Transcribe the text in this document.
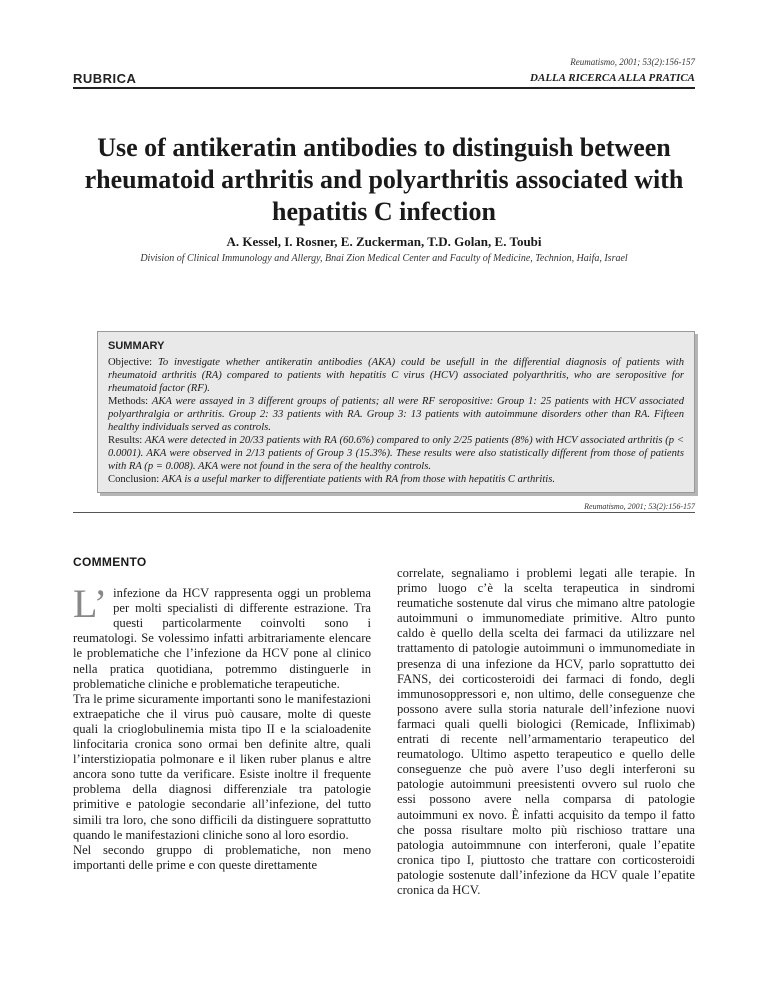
Reumatismo, 2001; 53(2):156-157
RUBRICA	DALLA RICERCA ALLA PRATICA
Use of antikeratin antibodies to distinguish between rheumatoid arthritis and polyarthritis associated with hepatitis C infection
A. Kessel, I. Rosner, E. Zuckerman, T.D. Golan, E. Toubi
Division of Clinical Immunology and Allergy, Bnai Zion Medical Center and Faculty of Medicine, Technion, Haifa, Israel
SUMMARY

Objective: To investigate whether antikeratin antibodies (AKA) could be usefull in the differential diagnosis of patients with rheumatoid arthritis (RA) compared to patients with hepatitis C virus (HCV) associated polyarthritis, who are seropositive for rheumatoid factor (RF).

Methods: AKA were assayed in 3 different groups of patients; all were RF seropositive: Group 1: 25 patients with HCV associated polyarthralgia or arthritis. Group 2: 33 patients with RA. Group 3: 13 patients with autoimmune disorders other than RA. Fifteen healthy individuals served as controls.

Results: AKA were detected in 20/33 patients with RA (60.6%) compared to only 2/25 patients (8%) with HCV associated arthritis (p < 0.0001). AKA were observed in 2/13 patients of Group 3 (15.3%). These results were also statistically different from those of patients with RA (p = 0.008). AKA were not found in the sera of the healthy controls.

Conclusion: AKA is a useful marker to differentiate patients with RA from those with hepatitis C arthritis.

Reumatismo, 2001; 53(2):156-157
COMMENTO

L’ infezione da HCV rappresenta oggi un problema per molti specialisti di differente estrazione. Tra questi particolarmente coinvolti sono i reumatologi. Se volessimo infatti arbitrariamente elencare le problematiche che l’infezione da HCV pone al clinico nella pratica quotidiana, potremmo distinguerle in problematiche cliniche e problematiche terapeutiche.

Tra le prime sicuramente importanti sono le manifestazioni extraepatiche che il virus può causare, molte di queste quali la crioglobulinemia mista tipo II e la scialoadenite linfocitaria cronica sono ormai ben definite altre, quali l’interstiziopatia polmonare e il liken ruber planus e altre ancora sono tutte da verificare. Esiste inoltre il frequente problema della diagnosi differenziale tra patologie primitive e patologie secondarie all’infezione, del tutto simili tra loro, che sono difficili da distinguere soprattutto quando le manifestazioni cliniche sono al loro esordio.

Nel secondo gruppo di problematiche, non meno importanti delle prime e con queste direttamente

correlate, segnaliamo i problemi legati alle terapie. In primo luogo c’è la scelta terapeutica in sindromi reumatiche sostenute dal virus che mimano altre patologie autoimmuni o immunomediate primitive. Altro punto caldo è quello della scelta dei farmaci da utilizzare nel trattamento di patologie autoimmuni o immunomediate in presenza di una infezione da HCV, parlo soprattutto dei FANS, dei corticosteroidi dei farmaci di fondo, degli immunosoppressori e, non ultimo, delle conseguenze che possono avere sulla storia naturale dell’infezione nuovi farmaci quali quelli biologici (Remicade, Infliximab) entrati di recente nell’armamentario terapeutico del reumatologo. Ultimo aspetto terapeutico e quello delle conseguenze che può avere l’uso degli interferoni su patologie autoimmuni preesistenti ovvero sul ruolo che essi possono avere nella comparsa di patologie autoimmuni ex novo. È infatti acquisito da tempo il fatto che possa risultare molto più rischioso trattare una patologia autoimmnune con interferoni, quale l’epatite cronica tipo I, piuttosto che trattare con corticosteroidi patologie sostenute dall’infezione da HCV quale l’epatite cronica da HCV.
